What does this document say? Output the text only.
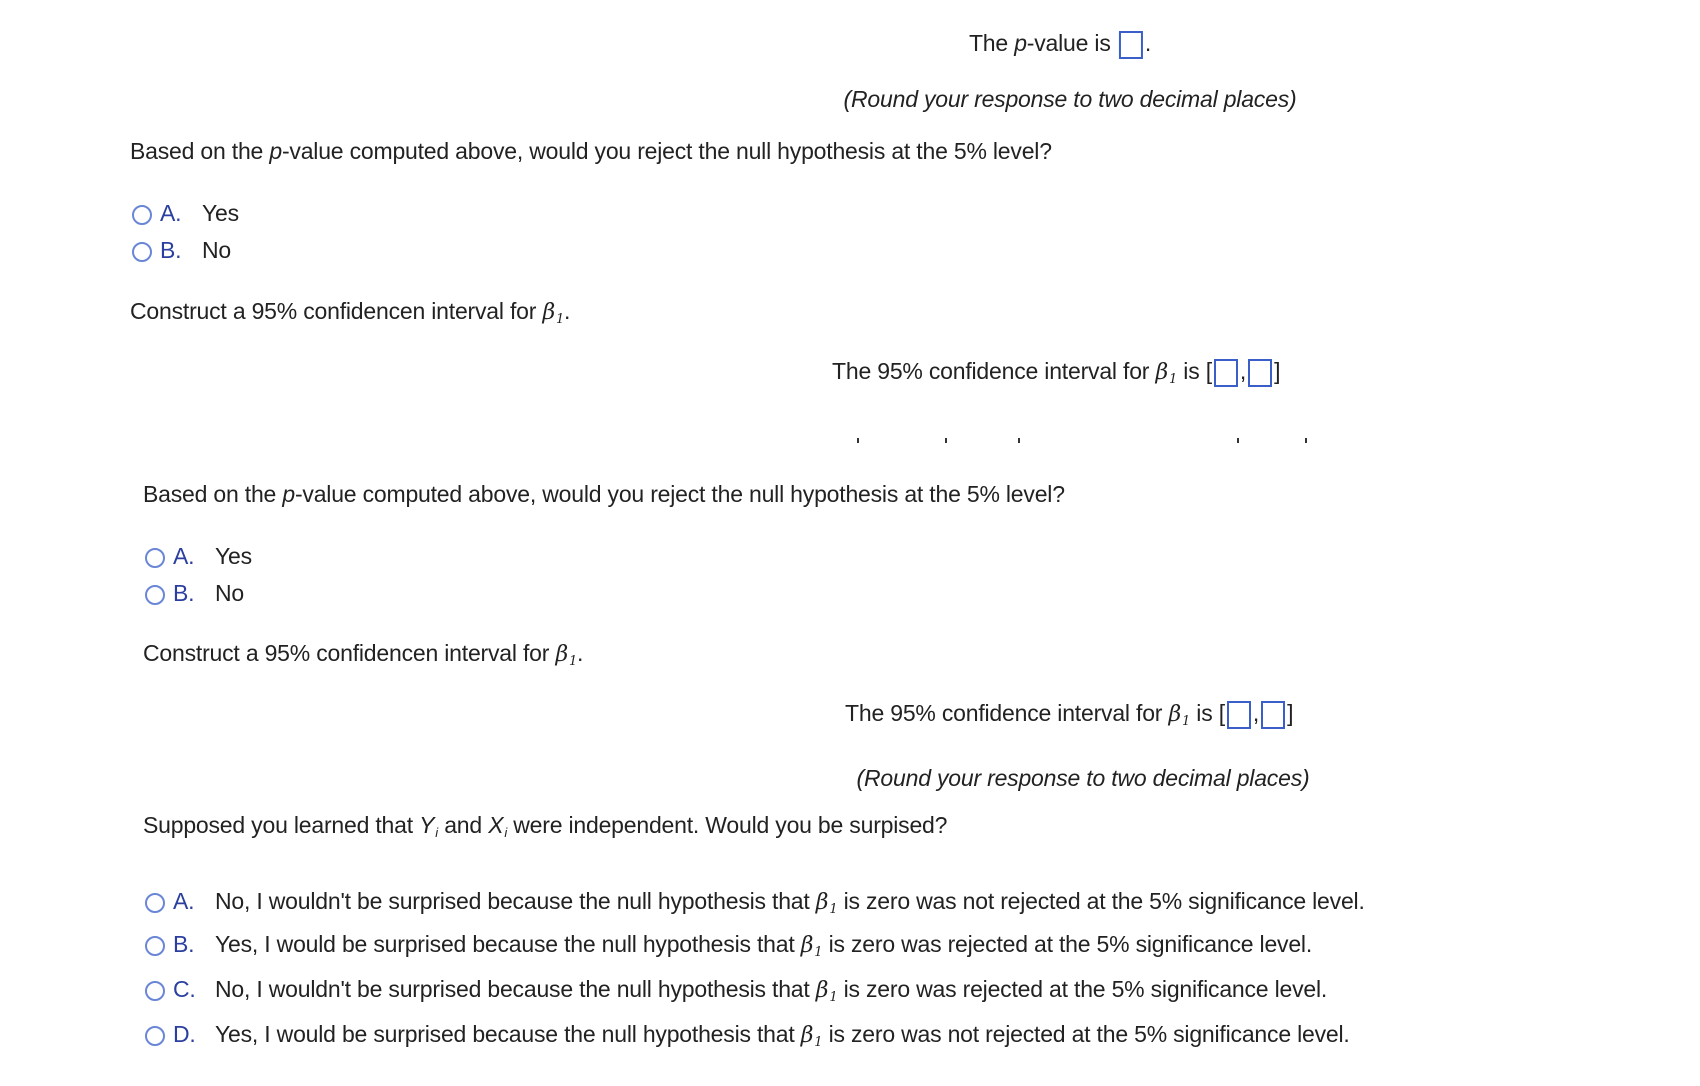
The p-value is .
(Round your response to two decimal places)
Based on the p-value computed above, would you reject the null hypothesis at the 5% level?
A. Yes
B. No
Construct a 95% confidencen interval for $\beta_1$.
The 95% confidence interval for $\beta_1$ is [ , ]
Based on the p-value computed above, would you reject the null hypothesis at the 5% level?
A. Yes
B. No
Construct a 95% confidencen interval for $\beta_1$.
The 95% confidence interval for $\beta_1$ is [ , ]
(Round your response to two decimal places)
Supposed you learned that $Y_i$ and $X_i$ were independent. Would you be surpised?
A. No, I wouldn't be surprised because the null hypothesis that $\beta_1$ is zero was not rejected at the 5% significance level.
B. Yes, I would be surprised because the null hypothesis that $\beta_1$ is zero was rejected at the 5% significance level.
C. No, I wouldn't be surprised because the null hypothesis that $\beta_1$ is zero was rejected at the 5% significance level.
D. Yes, I would be surprised because the null hypothesis that $\beta_1$ is zero was not rejected at the 5% significance level.
